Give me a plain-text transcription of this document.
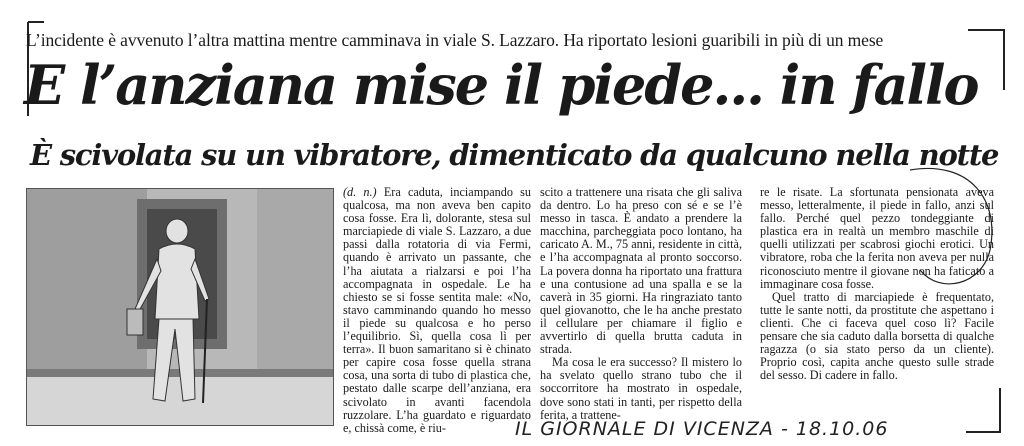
L’incidente è avvenuto l’altra mattina mentre camminava in viale S. Lazzaro. Ha riportato lesioni guaribili in più di un mese
E l’anziana mise il piede... in fallo
È scivolata su un vibratore, dimenticato da qualcuno nella notte

(d. n.) Era caduta, inciampando su qualcosa, ma non aveva ben capito cosa fosse. Era lì, dolorante, stesa sul marciapiede di viale S. Lazzaro, a due passi dalla rotatoria di via Fermi, quando è arrivato un passante, che l’ha aiutata a rialzarsi e poi l’ha accompagnata in ospedale. Le ha chiesto se si fosse sentita male: «No, stavo camminando quando ho messo il piede su qualcosa e ho perso l’equilibrio. Sì, quella cosa lì per terra». Il buon samaritano si è chinato per capire cosa fosse quella strana cosa, una sorta di tubo di plastica che, pestato dalle scarpe dell’anziana, era scivolato in avanti facendola ruzzolare. L’ha guardato e riguardato e, chissà come, è riu-

scito a trattenere una risata che gli saliva da dentro. Lo ha preso con sé e se l’è messo in tasca. È andato a prendere la macchina, parcheggiata poco lontano, ha caricato A. M., 75 anni, residente in città, e l’ha accompagnata al pronto soccorso. La povera donna ha riportato una frattura e una contusione ad una spalla e se la caverà in 35 giorni. Ha ringraziato tanto quel giovanotto, che le ha anche prestato il cellulare per chiamare il figlio e avvertirlo di quella brutta caduta in strada.

Ma cosa le era successo? Il mistero lo ha svelato quello strano tubo che il soccorritore ha mostrato in ospedale, dove sono stati in tanti, per rispetto della ferita, a trattene-

re le risate. La sfortunata pensionata aveva messo, letteralmente, il piede in fallo, anzi sul fallo. Perché quel pezzo tondeggiante di plastica era in realtà un membro maschile di quelli utilizzati per scabrosi giochi erotici. Un vibratore, roba che la ferita non aveva per nulla riconosciuto mentre il giovane non ha faticato a immaginare cosa fosse.

Quel tratto di marciapiede è frequentato, tutte le sante notti, da prostitute che aspettano i clienti. Che ci faceva quel coso lì? Facile pensare che sia caduto dalla borsetta di qualche ragazza (o sia stato perso da un cliente). Proprio così, capita anche questo sulle strade del sesso. Di cadere in fallo.

IL GIORNALE DI VICENZA - 18.10.06
